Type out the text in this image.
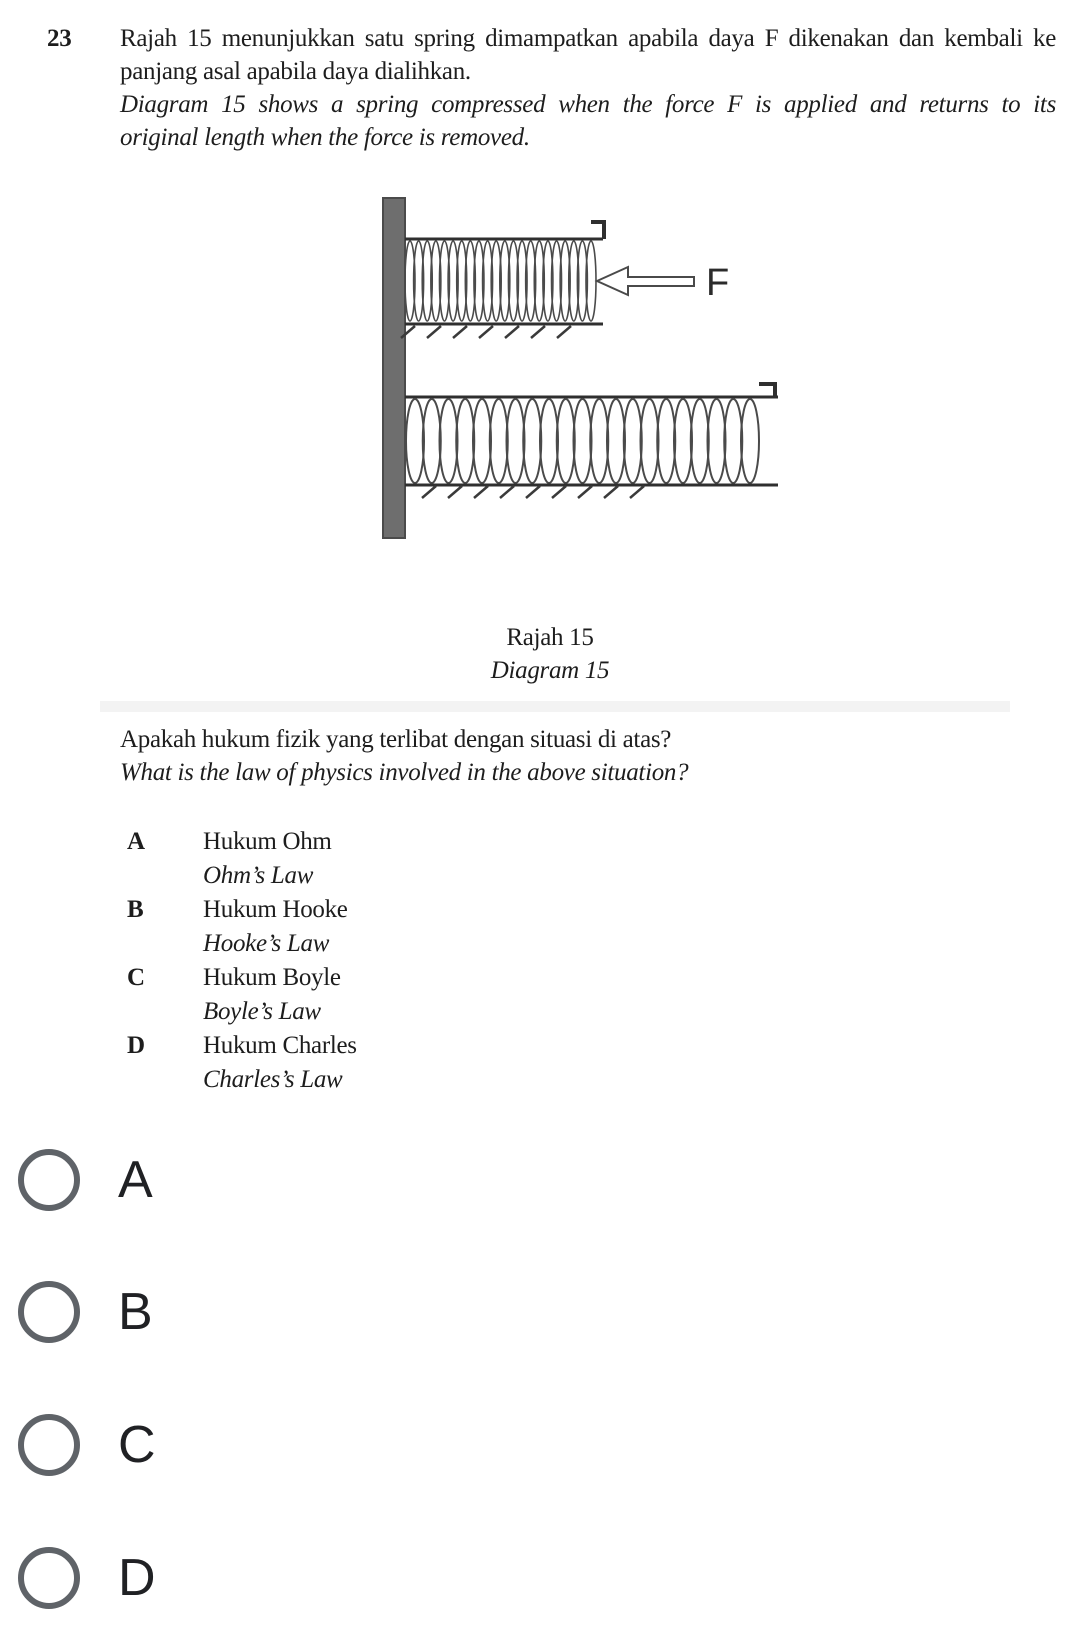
23 Rajah 15 menunjukkan satu spring dimampatkan apabila daya F dikenakan dan kembali ke
panjang asal apabila daya dialihkan.
Diagram 15 shows a spring compressed when the force F is applied and returns to its
original length when the force is removed.
F
Rajah 15
Diagram 15
Apakah hukum fizik yang terlibat dengan situasi di atas?
What is the law of physics involved in the above situation?
A	Hukum Ohm
Ohm’s Law
B	Hukum Hooke
Hooke’s Law
C	Hukum Boyle
Boyle’s Law
D	Hukum Charles
Charles’s Law
A
B
C
D
